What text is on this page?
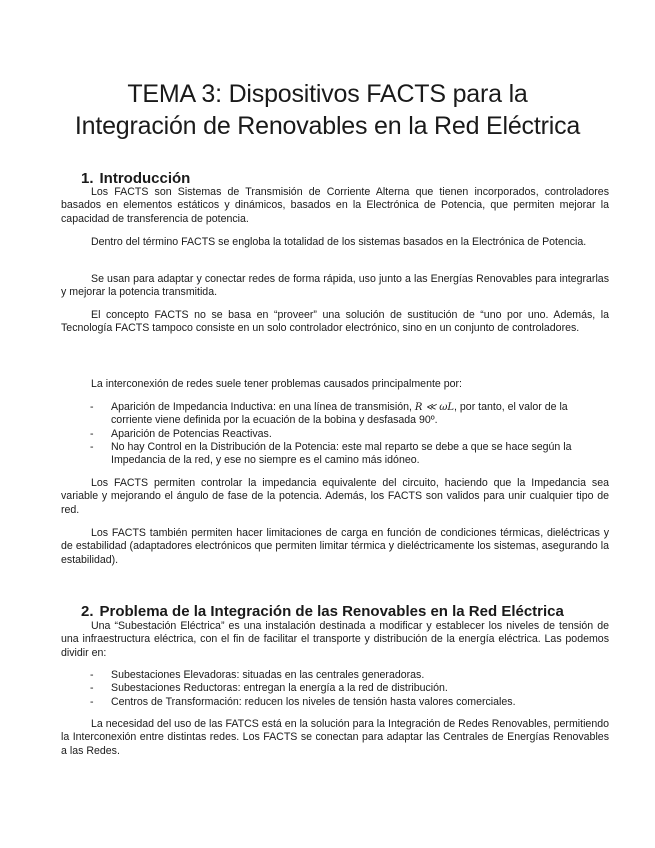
TEMA 3: Dispositivos FACTS para la
Integración de Renovables en la Red Eléctrica
1. Introducción

Los FACTS son Sistemas de Transmisión de Corriente Alterna que tienen incorporados, controladores basados en elementos estáticos y dinámicos, basados en la Electrónica de Potencia, que permiten mejorar la capacidad de transferencia de potencia.

Dentro del término FACTS se engloba la totalidad de los sistemas basados en la Electrónica de Potencia.

Se usan para adaptar y conectar redes de forma rápida, uso junto a las Energías Renovables para integrarlas y mejorar la potencia transmitida.

El concepto FACTS no se basa en “proveer” una solución de sustitución de “uno por uno. Además, la Tecnología FACTS tampoco consiste en un solo controlador electrónico, sino en un conjunto de controladores.

La interconexión de redes suele tener problemas causados principalmente por:

- Aparición de Impedancia Inductiva: en una línea de transmisión, R ≪ ωL, por tanto, el valor de la corriente viene definida por la ecuación de la bobina y desfasada 90º.
- Aparición de Potencias Reactivas.
- No hay Control en la Distribución de la Potencia: este mal reparto se debe a que se hace según la Impedancia de la red, y ese no siempre es el camino más idóneo.

Los FACTS permiten controlar la impedancia equivalente del circuito, haciendo que la Impedancia sea variable y mejorando el ángulo de fase de la potencia. Además, los FACTS son validos para unir cualquier tipo de red.

Los FACTS también permiten hacer limitaciones de carga en función de condiciones térmicas, dieléctricas y de estabilidad (adaptadores electrónicos que permiten limitar térmica y dieléctricamente los sistemas, asegurando la estabilidad).

2. Problema de la Integración de las Renovables en la Red Eléctrica

Una “Subestación Eléctrica” es una instalación destinada a modificar y establecer los niveles de tensión de una infraestructura eléctrica, con el fin de facilitar el transporte y distribución de la energía eléctrica. Las podemos dividir en:

- Subestaciones Elevadoras: situadas en las centrales generadoras.
- Subestaciones Reductoras: entregan la energía a la red de distribución.
- Centros de Transformación: reducen los niveles de tensión hasta valores comerciales.

La necesidad del uso de las FATCS está en la solución para la Integración de Redes Renovables, permitiendo la Interconexión entre distintas redes. Los FACTS se conectan para adaptar las Centrales de Energías Renovables a las Redes.
